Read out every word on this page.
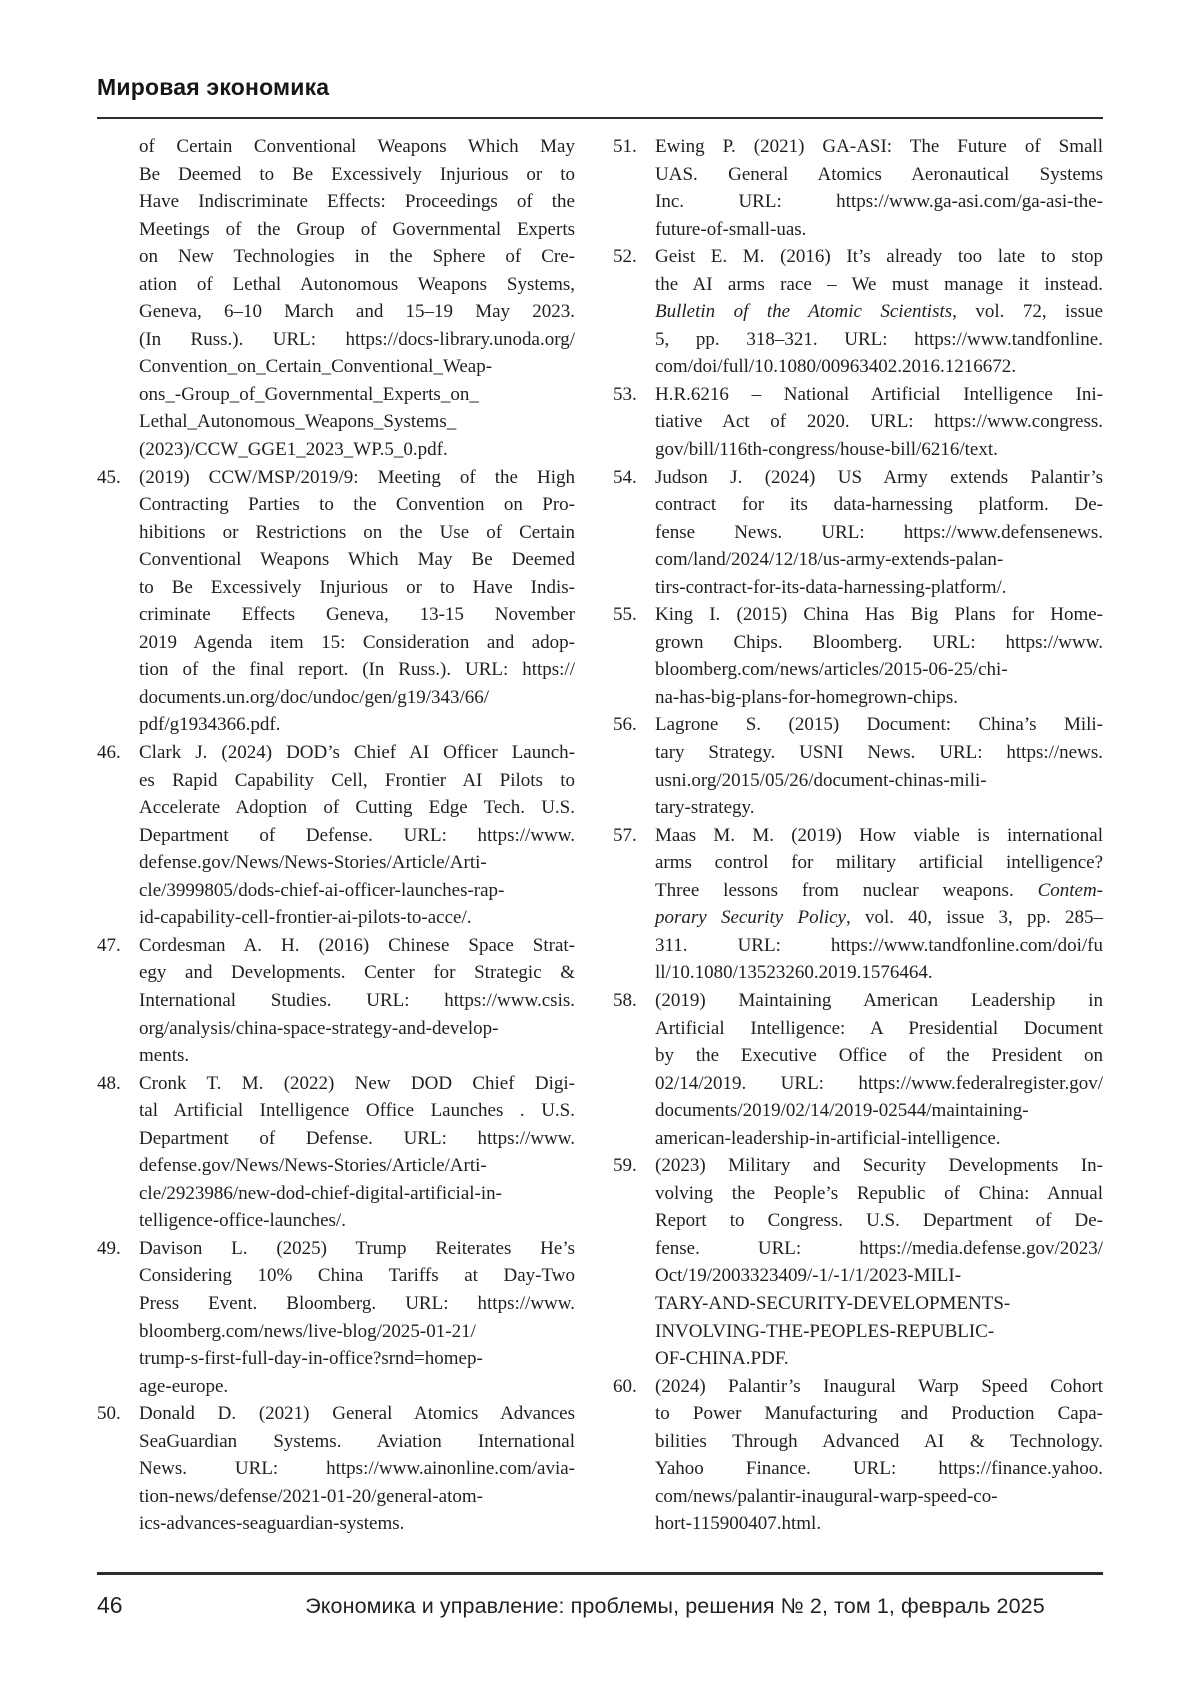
Мировая экономика
of Certain Conventional Weapons Which May
Be Deemed to Be Excessively Injurious or to
Have Indiscriminate Effects: Proceedings of the
Meetings of the Group of Governmental Experts
on New Technologies in the Sphere of Cre-
ation of Lethal Autonomous Weapons Systems,
Geneva, 6–10 March and 15–19 May 2023.
(In Russ.). URL: https://docs-library.unoda.org/
Convention_on_Certain_Conventional_Weap-
ons_-Group_of_Governmental_Experts_on_
Lethal_Autonomous_Weapons_Systems_
(2023)/CCW_GGE1_2023_WP.5_0.pdf.
45. (2019) CCW/MSP/2019/9: Meeting of the High
Contracting Parties to the Convention on Pro-
hibitions or Restrictions on the Use of Certain
Conventional Weapons Which May Be Deemed
to Be Excessively Injurious or to Have Indis-
criminate Effects Geneva, 13-15 November
2019 Agenda item 15: Consideration and adop-
tion of the final report. (In Russ.). URL: https://
documents.un.org/doc/undoc/gen/g19/343/66/
pdf/g1934366.pdf.
46. Clark J. (2024) DOD’s Chief AI Officer Launch-
es Rapid Capability Cell, Frontier AI Pilots to
Accelerate Adoption of Cutting Edge Tech. U.S.
Department of Defense. URL: https://www.
defense.gov/News/News-Stories/Article/Arti-
cle/3999805/dods-chief-ai-officer-launches-rap-
id-capability-cell-frontier-ai-pilots-to-acce/.
47. Cordesman A. H. (2016) Chinese Space Strat-
egy and Developments. Center for Strategic &
International Studies. URL: https://www.csis.
org/analysis/china-space-strategy-and-develop-
ments.
48. Cronk T. M. (2022) New DOD Chief Digi-
tal Artificial Intelligence Office Launches . U.S.
Department of Defense. URL: https://www.
defense.gov/News/News-Stories/Article/Arti-
cle/2923986/new-dod-chief-digital-artificial-in-
telligence-office-launches/.
49. Davison L. (2025) Trump Reiterates He’s
Considering 10% China Tariffs at Day-Two
Press Event. Bloomberg. URL: https://www.
bloomberg.com/news/live-blog/2025-01-21/
trump-s-first-full-day-in-office?srnd=homep-
age-europe.
50. Donald D. (2021) General Atomics Advances
SeaGuardian Systems. Aviation International
News. URL: https://www.ainonline.com/avia-
tion-news/defense/2021-01-20/general-atom-
ics-advances-seaguardian-systems.
51. Ewing P. (2021) GA-ASI: The Future of Small
UAS. General Atomics Aeronautical Systems
Inc. URL: https://www.ga-asi.com/ga-asi-the-
future-of-small-uas.
52. Geist E. M. (2016) It’s already too late to stop
the AI arms race – We must manage it instead.
Bulletin of the Atomic Scientists, vol. 72, issue
5, pp. 318–321. URL: https://www.tandfonline.
com/doi/full/10.1080/00963402.2016.1216672.
53. H.R.6216 – National Artificial Intelligence Ini-
tiative Act of 2020. URL: https://www.congress.
gov/bill/116th-congress/house-bill/6216/text.
54. Judson J. (2024) US Army extends Palantir’s
contract for its data-harnessing platform. De-
fense News. URL: https://www.defensenews.
com/land/2024/12/18/us-army-extends-palan-
tirs-contract-for-its-data-harnessing-platform/.
55. King I. (2015) China Has Big Plans for Home-
grown Chips. Bloomberg. URL: https://www.
bloomberg.com/news/articles/2015-06-25/chi-
na-has-big-plans-for-homegrown-chips.
56. Lagrone S. (2015) Document: China’s Mili-
tary Strategy. USNI News. URL: https://news.
usni.org/2015/05/26/document-chinas-mili-
tary-strategy.
57. Maas M. M. (2019) How viable is international
arms control for military artificial intelligence?
Three lessons from nuclear weapons. Contem-
porary Security Policy, vol. 40, issue 3, pp. 285–
311. URL: https://www.tandfonline.com/doi/fu
ll/10.1080/13523260.2019.1576464.
58. (2019) Maintaining American Leadership in
Artificial Intelligence: A Presidential Document
by the Executive Office of the President on
02/14/2019. URL: https://www.federalregister.gov/
documents/2019/02/14/2019-02544/maintaining-
american-leadership-in-artificial-intelligence.
59. (2023) Military and Security Developments In-
volving the People’s Republic of China: Annual
Report to Congress. U.S. Department of De-
fense. URL: https://media.defense.gov/2023/
Oct/19/2003323409/-1/-1/1/2023-MILI-
TARY-AND-SECURITY-DEVELOPMENTS-
INVOLVING-THE-PEOPLES-REPUBLIC-
OF-CHINA.PDF.
60. (2024) Palantir’s Inaugural Warp Speed Cohort
to Power Manufacturing and Production Capa-
bilities Through Advanced AI & Technology.
Yahoo Finance. URL: https://finance.yahoo.
com/news/palantir-inaugural-warp-speed-co-
hort-115900407.html.
46	Экономика и управление: проблемы, решения № 2, том 1, февраль 2025
